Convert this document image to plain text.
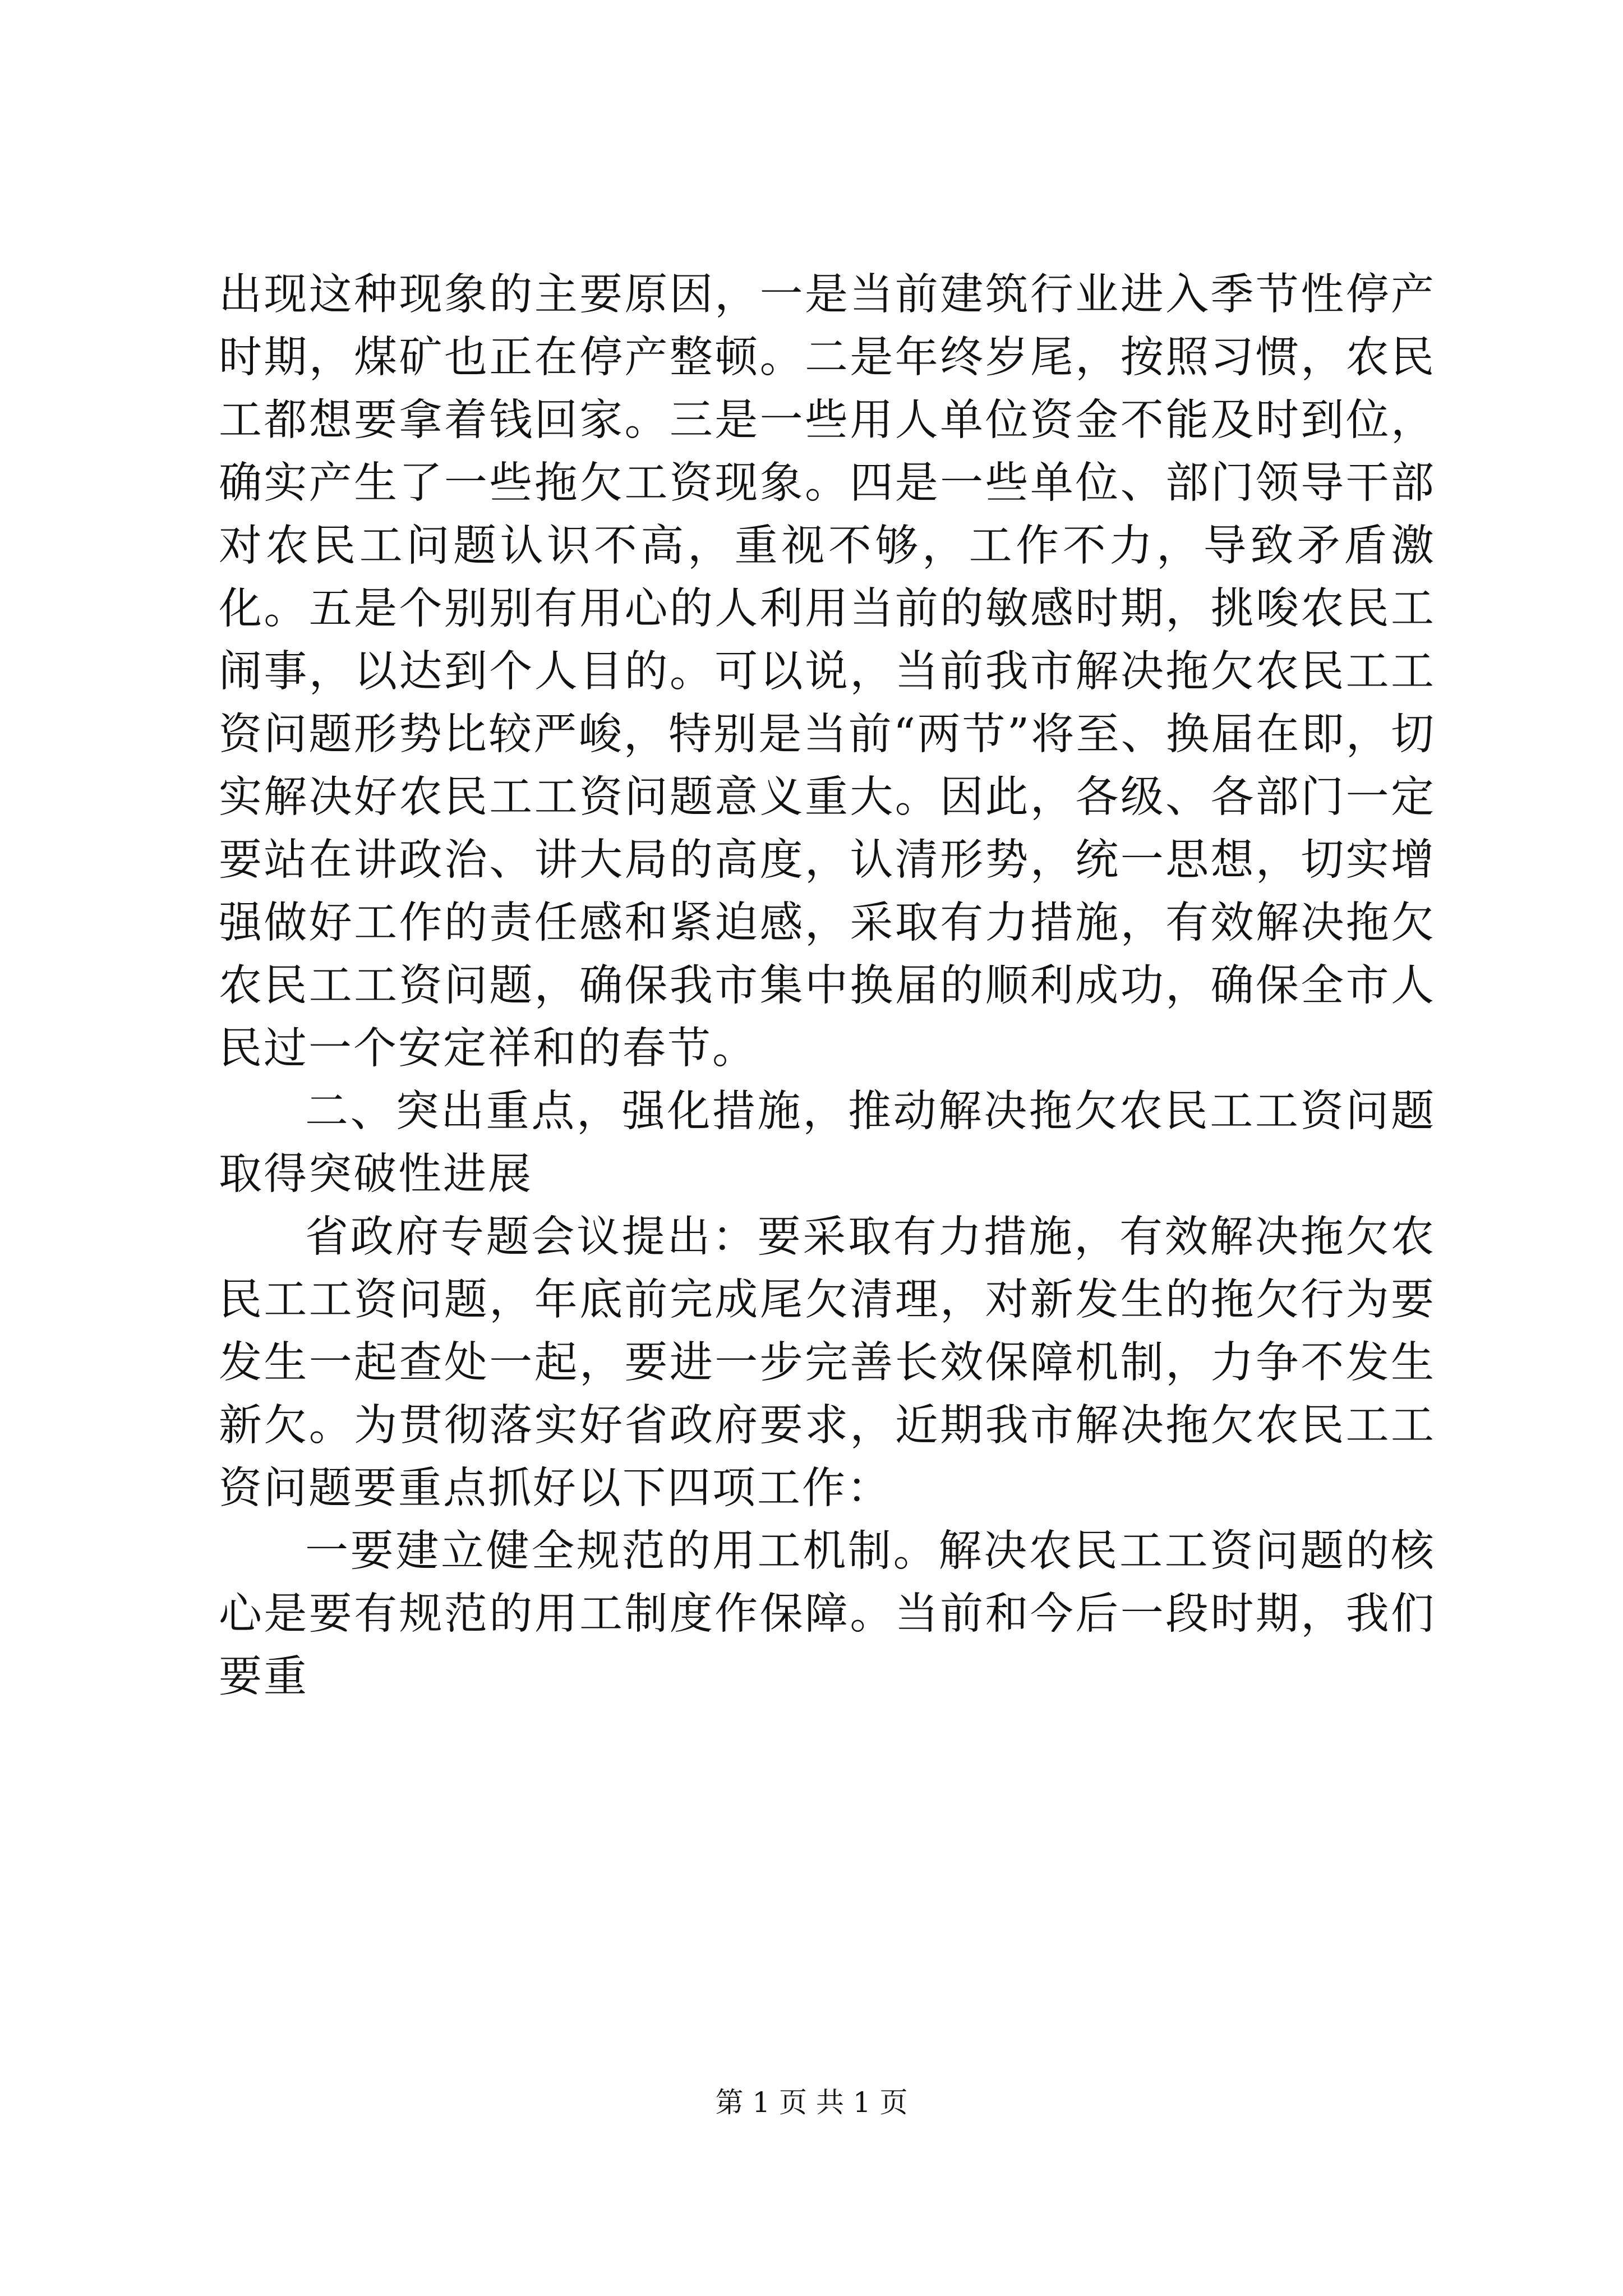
出现这种现象的主要原因，一是当前建筑行业进入季节性停产时期，煤矿也正在停产整顿。二是年终岁尾，按照习惯，农民工都想要拿着钱回家。三是一些用人单位资金不能及时到位，确实产生了一些拖欠工资现象。四是一些单位、部门领导干部对农民工问题认识不高，重视不够，工作不力，导致矛盾激化。五是个别别有用心的人利用当前的敏感时期，挑唆农民工闹事，以达到个人目的。可以说，当前我市解决拖欠农民工工资问题形势比较严峻，特别是当前“两节”将至、换届在即，切实解决好农民工工资问题意义重大。因此，各级、各部门一定要站在讲政治、讲大局的高度，认清形势，统一思想，切实增强做好工作的责任感和紧迫感，采取有力措施，有效解决拖欠农民工工资问题，确保我市集中换届的顺利成功，确保全市人民过一个安定祥和的春节。

二、突出重点，强化措施，推动解决拖欠农民工工资问题取得突破性进展

省政府专题会议提出：要采取有力措施，有效解决拖欠农民工工资问题，年底前完成尾欠清理，对新发生的拖欠行为要发生一起查处一起，要进一步完善长效保障机制，力争不发生新欠。为贯彻落实好省政府要求，近期我市解决拖欠农民工工资问题要重点抓好以下四项工作：

一要建立健全规范的用工机制。解决农民工工资问题的核心是要有规范的用工制度作保障。当前和今后一段时期，我们要重

第 1 页 共 1 页
